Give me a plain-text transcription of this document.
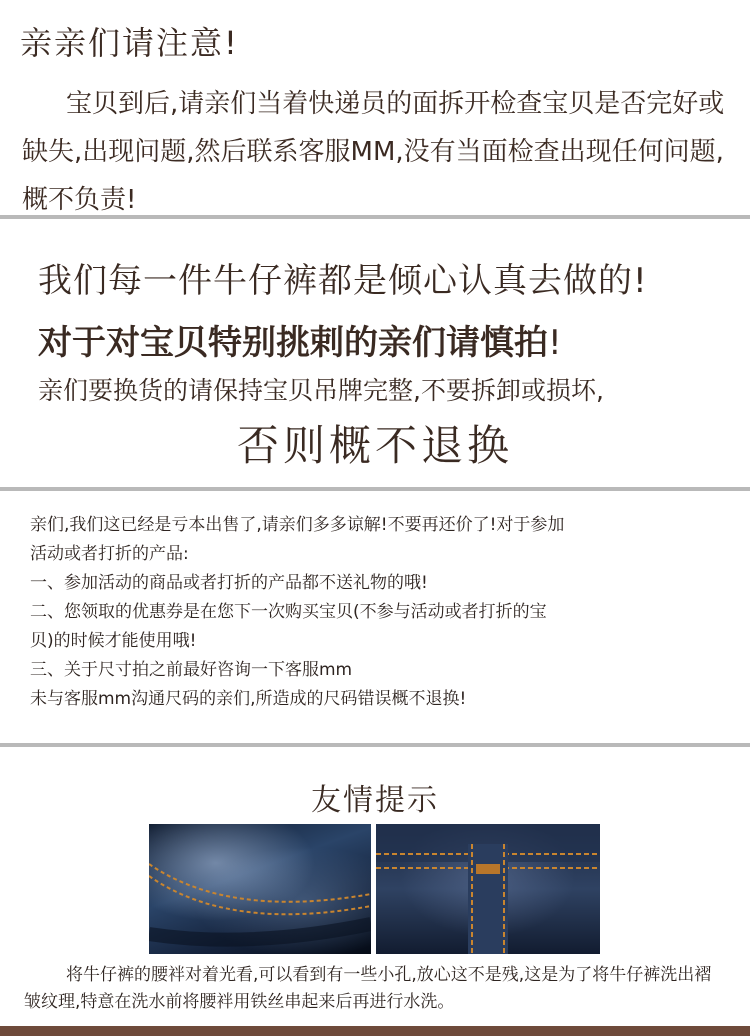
亲亲们请注意!
宝贝到后,请亲们当着快递员的面拆开检查宝贝是否完好或缺失,出现问题,然后联系客服MM,没有当面检查出现任何问题,概不负责!
我们每一件牛仔裤都是倾心认真去做的!
对于对宝贝特别挑剌的亲们请慎拍!
亲们要换货的请保持宝贝吊牌完整,不要拆卸或损坏,
否则概不退换
亲们,我们这已经是亏本出售了,请亲们多多谅解!不要再还价了!对于参加
活动或者打折的产品:
一、参加活动的商品或者打折的产品都不送礼物的哦!
二、您领取的优惠券是在您下一次购买宝贝(不参与活动或者打折的宝
贝)的时候才能使用哦!
三、关于尺寸拍之前最好咨询一下客服mm
未与客服mm沟通尺码的亲们,所造成的尺码错误概不退换!
友情提示
将牛仔裤的腰袢对着光看,可以看到有一些小孔,放心这不是残,这是为了将牛仔裤洗出褶皱纹理,特意在洗水前将腰袢用铁丝串起来后再进行水洗。
